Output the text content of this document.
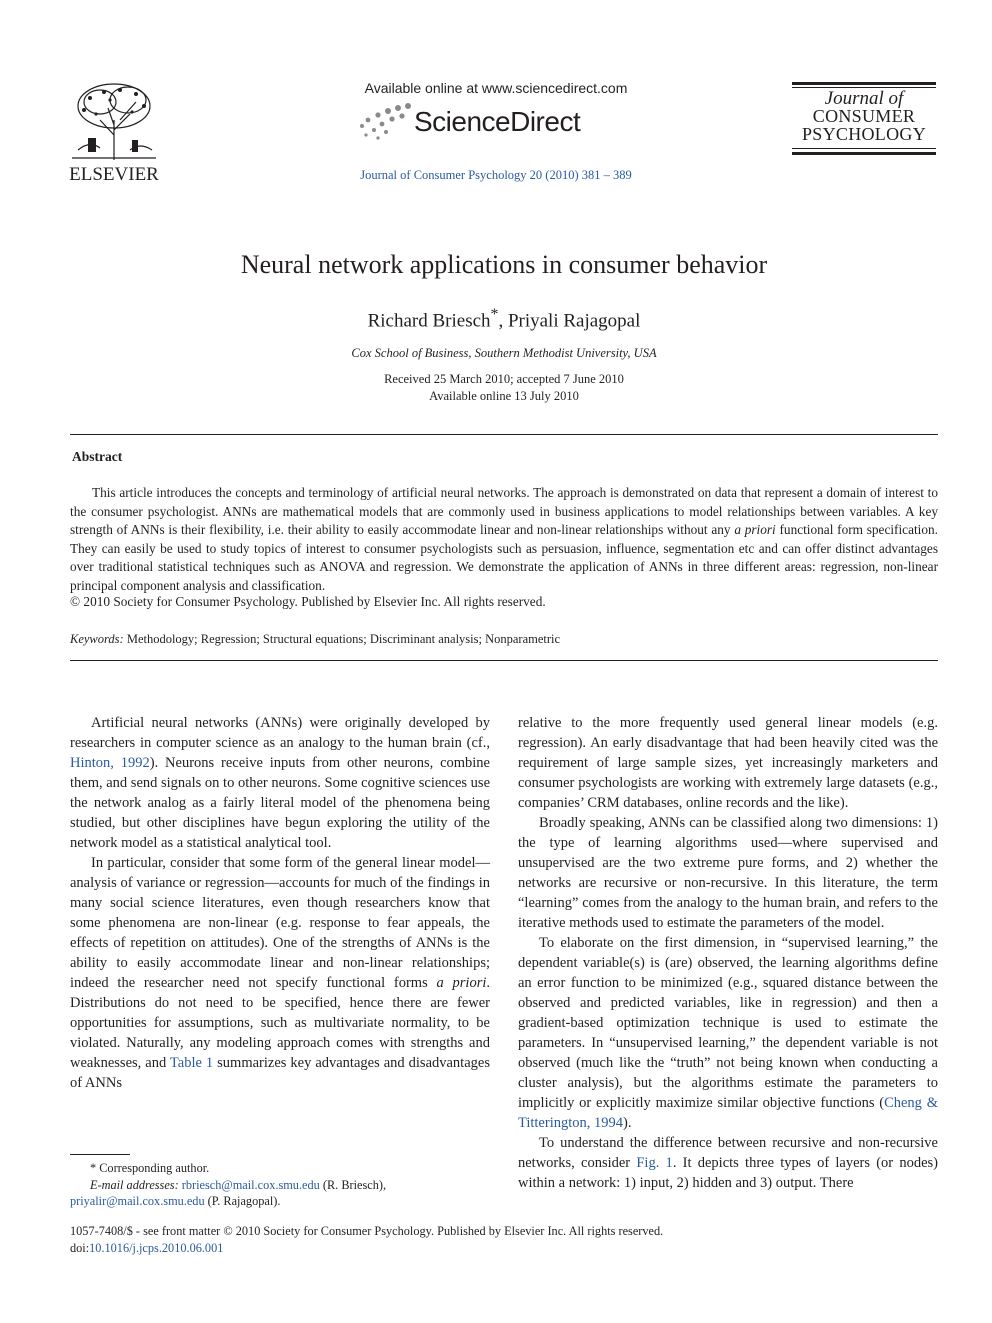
ELSEVIER
Available online at www.sciencedirect.com
ScienceDirect
Journal of Consumer Psychology 20 (2010) 381 – 389
Journal of
CONSUMER
PSYCHOLOGY
Neural network applications in consumer behavior
Richard Briesch*, Priyali Rajagopal
Cox School of Business, Southern Methodist University, USA
Received 25 March 2010; accepted 7 June 2010
Available online 13 July 2010
Abstract
This article introduces the concepts and terminology of artificial neural networks. The approach is demonstrated on data that represent a domain of interest to the consumer psychologist. ANNs are mathematical models that are commonly used in business applications to model relationships between variables. A key strength of ANNs is their flexibility, i.e. their ability to easily accommodate linear and non-linear relationships without any a priori functional form specification. They can easily be used to study topics of interest to consumer psychologists such as persuasion, influence, segmentation etc and can offer distinct advantages over traditional statistical techniques such as ANOVA and regression. We demonstrate the application of ANNs in three different areas: regression, non-linear principal component analysis and classification.
© 2010 Society for Consumer Psychology. Published by Elsevier Inc. All rights reserved.
Keywords: Methodology; Regression; Structural equations; Discriminant analysis; Nonparametric

Artificial neural networks (ANNs) were originally developed by researchers in computer science as an analogy to the human brain (cf., Hinton, 1992). Neurons receive inputs from other neurons, combine them, and send signals on to other neurons. Some cognitive sciences use the network analog as a fairly literal model of the phenomena being studied, but other disciplines have begun exploring the utility of the network model as a statistical analytical tool.

In particular, consider that some form of the general linear model—analysis of variance or regression—accounts for much of the findings in many social science literatures, even though researchers know that some phenomena are non-linear (e.g. response to fear appeals, the effects of repetition on attitudes). One of the strengths of ANNs is the ability to easily accommodate linear and non-linear relationships; indeed the researcher need not specify functional forms a priori. Distributions do not need to be specified, hence there are fewer opportunities for assumptions, such as multivariate normality, to be violated. Naturally, any modeling approach comes with strengths and weaknesses, and Table 1 summarizes key advantages and disadvantages of ANNs

relative to the more frequently used general linear models (e.g. regression). An early disadvantage that had been heavily cited was the requirement of large sample sizes, yet increasingly marketers and consumer psychologists are working with extremely large datasets (e.g., companies’ CRM databases, online records and the like).

Broadly speaking, ANNs can be classified along two dimensions: 1) the type of learning algorithms used—where supervised and unsupervised are the two extreme pure forms, and 2) whether the networks are recursive or non-recursive. In this literature, the term “learning” comes from the analogy to the human brain, and refers to the iterative methods used to estimate the parameters of the model.

To elaborate on the first dimension, in “supervised learning,” the dependent variable(s) is (are) observed, the learning algorithms define an error function to be minimized (e.g., squared distance between the observed and predicted variables, like in regression) and then a gradient-based optimization technique is used to estimate the parameters. In “unsupervised learning,” the dependent variable is not observed (much like the “truth” not being known when conducting a cluster analysis), but the algorithms estimate the parameters to implicitly or explicitly maximize similar objective functions (Cheng & Titterington, 1994).

To understand the difference between recursive and non-recursive networks, consider Fig. 1. It depicts three types of layers (or nodes) within a network: 1) input, 2) hidden and 3) output. There

* Corresponding author.
E-mail addresses: rbriesch@mail.cox.smu.edu (R. Briesch),
priyalir@mail.cox.smu.edu (P. Rajagopal).
1057-7408/$ - see front matter © 2010 Society for Consumer Psychology. Published by Elsevier Inc. All rights reserved.
doi:10.1016/j.jcps.2010.06.001
